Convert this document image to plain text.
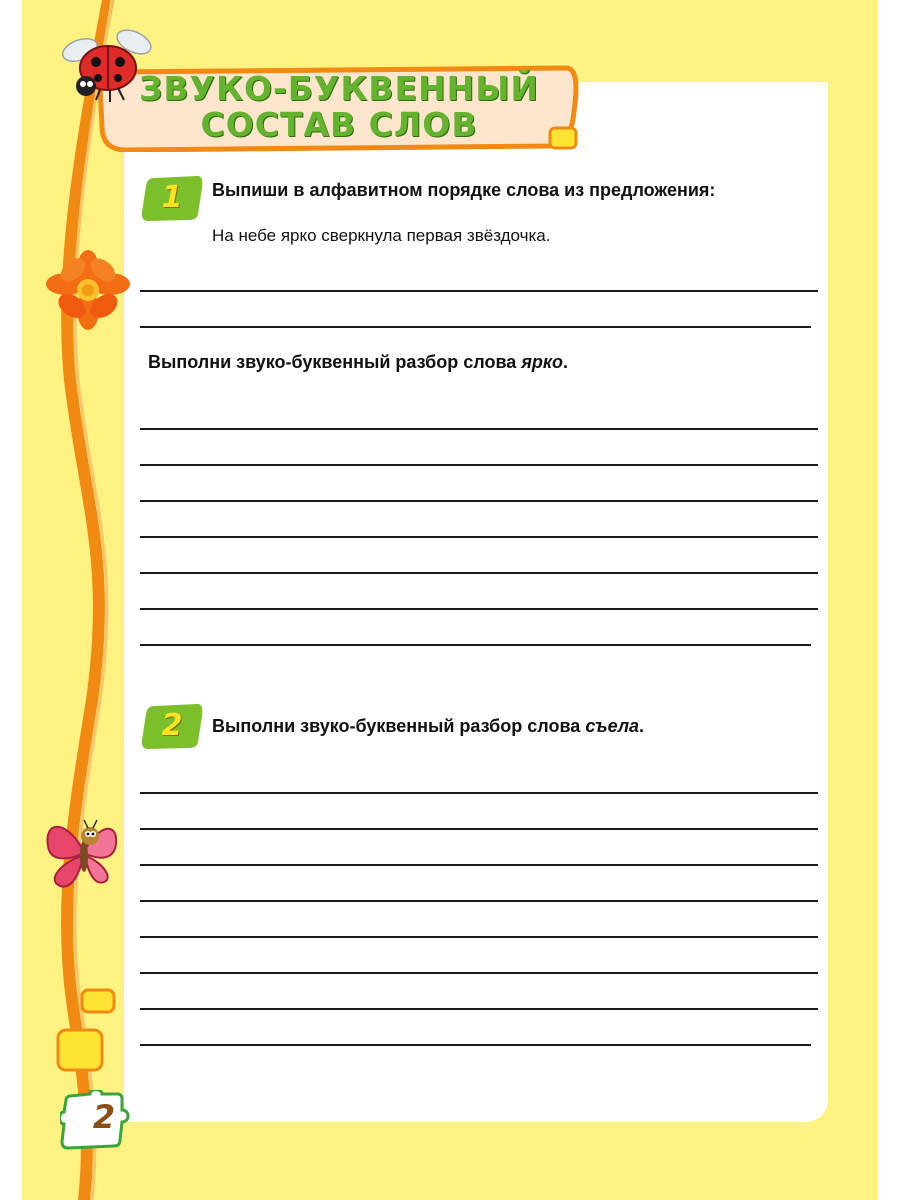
ЗВУКО-БУКВЕННЫЙ
СОСТАВ СЛОВ
1	Выпиши в алфавитном порядке слова из предложения:
На небе ярко сверкнула первая звёздочка.
Выполни звуко-буквенный разбор слова ярко.
2	Выполни звуко-буквенный разбор слова съела.
2
